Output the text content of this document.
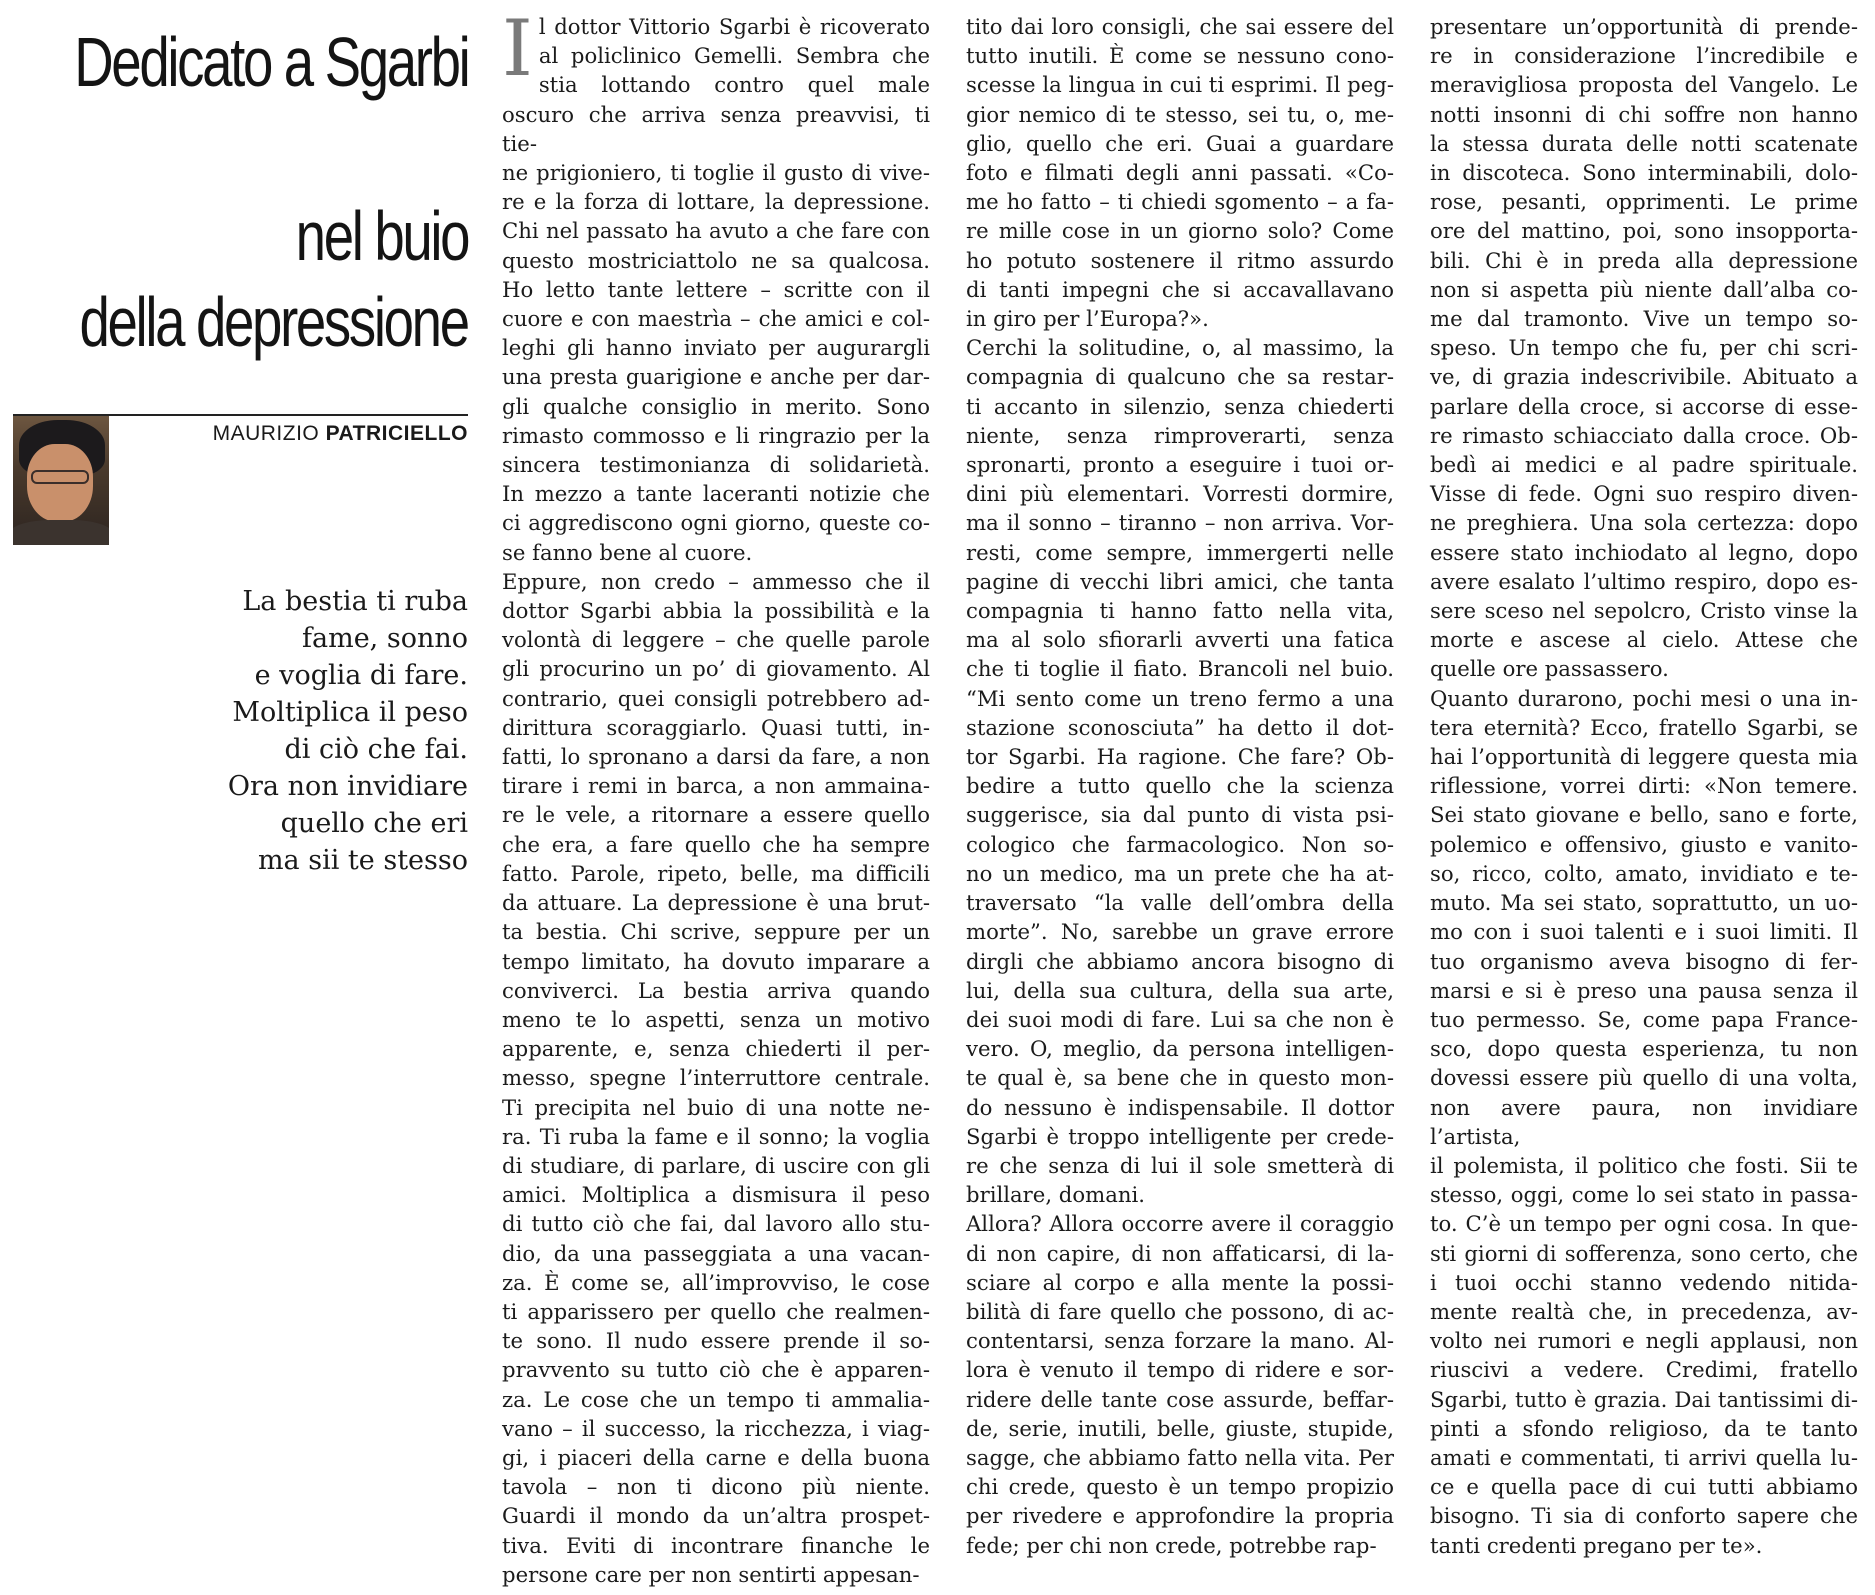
Dedicato a Sgarbi
nel buio
della depressione
MAURIZIO PATRICIELLO
La bestia ti ruba
fame, sonno
e voglia di fare.
Moltiplica il peso
di ciò che fai.
Ora non invidiare
quello che eri
ma sii te stesso
I l dottor Vittorio Sgarbi è ricoverato
al policlinico Gemelli. Sembra che
stia lottando contro quel male
oscuro che arriva senza preavvisi, ti tie-
ne prigioniero, ti toglie il gusto di vive-
re e la forza di lottare, la depressione.
Chi nel passato ha avuto a che fare con
questo mostriciattolo ne sa qualcosa.
Ho letto tante lettere – scritte con il
cuore e con maestrìa – che amici e col-
leghi gli hanno inviato per augurargli
una presta guarigione e anche per dar-
gli qualche consiglio in merito. Sono
rimasto commosso e li ringrazio per la
sincera testimonianza di solidarietà.
In mezzo a tante laceranti notizie che
ci aggrediscono ogni giorno, queste co-
se fanno bene al cuore.
Eppure, non credo – ammesso che il
dottor Sgarbi abbia la possibilità e la
volontà di leggere – che quelle parole
gli procurino un po’ di giovamento. Al
contrario, quei consigli potrebbero ad-
dirittura scoraggiarlo. Quasi tutti, in-
fatti, lo spronano a darsi da fare, a non
tirare i remi in barca, a non ammaina-
re le vele, a ritornare a essere quello
che era, a fare quello che ha sempre
fatto. Parole, ripeto, belle, ma difficili
da attuare. La depressione è una brut-
ta bestia. Chi scrive, seppure per un
tempo limitato, ha dovuto imparare a
conviverci. La bestia arriva quando
meno te lo aspetti, senza un motivo
apparente, e, senza chiederti il per-
messo, spegne l’interruttore centrale.
Ti precipita nel buio di una notte ne-
ra. Ti ruba la fame e il sonno; la voglia
di studiare, di parlare, di uscire con gli
amici. Moltiplica a dismisura il peso
di tutto ciò che fai, dal lavoro allo stu-
dio, da una passeggiata a una vacan-
za. È come se, all’improvviso, le cose
ti apparissero per quello che realmen-
te sono. Il nudo essere prende il so-
pravvento su tutto ciò che è apparen-
za. Le cose che un tempo ti ammalia-
vano – il successo, la ricchezza, i viag-
gi, i piaceri della carne e della buona
tavola – non ti dicono più niente.
Guardi il mondo da un’altra prospet-
tiva. Eviti di incontrare finanche le
persone care per non sentirti appesan-
tito dai loro consigli, che sai essere del
tutto inutili. È come se nessuno cono-
scesse la lingua in cui ti esprimi. Il peg-
gior nemico di te stesso, sei tu, o, me-
glio, quello che eri. Guai a guardare
foto e filmati degli anni passati. «Co-
me ho fatto – ti chiedi sgomento – a fa-
re mille cose in un giorno solo? Come
ho potuto sostenere il ritmo assurdo
di tanti impegni che si accavallavano
in giro per l’Europa?».
Cerchi la solitudine, o, al massimo, la
compagnia di qualcuno che sa restar-
ti accanto in silenzio, senza chiederti
niente, senza rimproverarti, senza
spronarti, pronto a eseguire i tuoi or-
dini più elementari. Vorresti dormire,
ma il sonno – tiranno – non arriva. Vor-
resti, come sempre, immergerti nelle
pagine di vecchi libri amici, che tanta
compagnia ti hanno fatto nella vita,
ma al solo sfiorarli avverti una fatica
che ti toglie il fiato. Brancoli nel buio.
“Mi sento come un treno fermo a una
stazione sconosciuta” ha detto il dot-
tor Sgarbi. Ha ragione. Che fare? Ob-
bedire a tutto quello che la scienza
suggerisce, sia dal punto di vista psi-
cologico che farmacologico. Non so-
no un medico, ma un prete che ha at-
traversato “la valle dell’ombra della
morte”. No, sarebbe un grave errore
dirgli che abbiamo ancora bisogno di
lui, della sua cultura, della sua arte,
dei suoi modi di fare. Lui sa che non è
vero. O, meglio, da persona intelligen-
te qual è, sa bene che in questo mon-
do nessuno è indispensabile. Il dottor
Sgarbi è troppo intelligente per crede-
re che senza di lui il sole smetterà di
brillare, domani.
Allora? Allora occorre avere il coraggio
di non capire, di non affaticarsi, di la-
sciare al corpo e alla mente la possi-
bilità di fare quello che possono, di ac-
contentarsi, senza forzare la mano. Al-
lora è venuto il tempo di ridere e sor-
ridere delle tante cose assurde, beffar-
de, serie, inutili, belle, giuste, stupide,
sagge, che abbiamo fatto nella vita. Per
chi crede, questo è un tempo propizio
per rivedere e approfondire la propria
fede; per chi non crede, potrebbe rap-
presentare un’opportunità di prende-
re in considerazione l’incredibile e
meravigliosa proposta del Vangelo. Le
notti insonni di chi soffre non hanno
la stessa durata delle notti scatenate
in discoteca. Sono interminabili, dolo-
rose, pesanti, opprimenti. Le prime
ore del mattino, poi, sono insopporta-
bili. Chi è in preda alla depressione
non si aspetta più niente dall’alba co-
me dal tramonto. Vive un tempo so-
speso. Un tempo che fu, per chi scri-
ve, di grazia indescrivibile. Abituato a
parlare della croce, si accorse di esse-
re rimasto schiacciato dalla croce. Ob-
bedì ai medici e al padre spirituale.
Visse di fede. Ogni suo respiro diven-
ne preghiera. Una sola certezza: dopo
essere stato inchiodato al legno, dopo
avere esalato l’ultimo respiro, dopo es-
sere sceso nel sepolcro, Cristo vinse la
morte e ascese al cielo. Attese che
quelle ore passassero.
Quanto durarono, pochi mesi o una in-
tera eternità? Ecco, fratello Sgarbi, se
hai l’opportunità di leggere questa mia
riflessione, vorrei dirti: «Non temere.
Sei stato giovane e bello, sano e forte,
polemico e offensivo, giusto e vanito-
so, ricco, colto, amato, invidiato e te-
muto. Ma sei stato, soprattutto, un uo-
mo con i suoi talenti e i suoi limiti. Il
tuo organismo aveva bisogno di fer-
marsi e si è preso una pausa senza il
tuo permesso. Se, come papa France-
sco, dopo questa esperienza, tu non
dovessi essere più quello di una volta,
non avere paura, non invidiare l’artista,
il polemista, il politico che fosti. Sii te
stesso, oggi, come lo sei stato in passa-
to. C’è un tempo per ogni cosa. In que-
sti giorni di sofferenza, sono certo, che
i tuoi occhi stanno vedendo nitida-
mente realtà che, in precedenza, av-
volto nei rumori e negli applausi, non
riuscivi a vedere. Credimi, fratello
Sgarbi, tutto è grazia. Dai tantissimi di-
pinti a sfondo religioso, da te tanto
amati e commentati, ti arrivi quella lu-
ce e quella pace di cui tutti abbiamo
bisogno. Ti sia di conforto sapere che
tanti credenti pregano per te».
